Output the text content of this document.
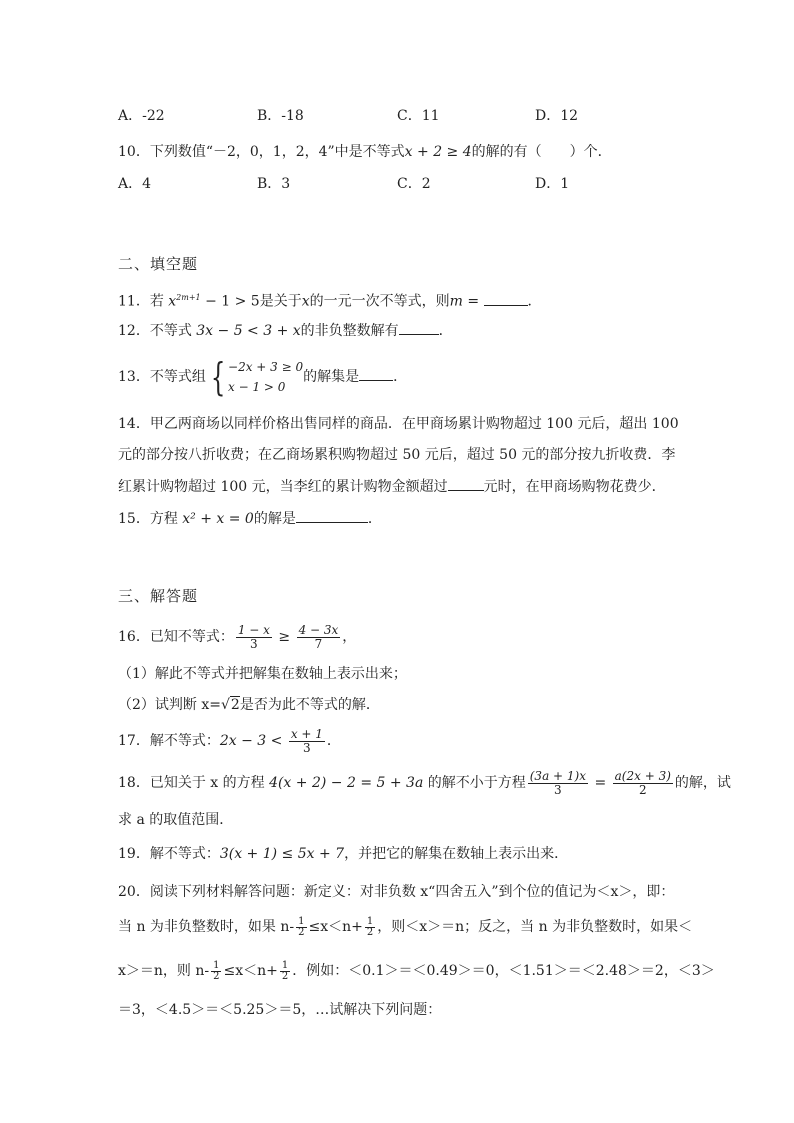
A．-22	B．-18	C．11	D．12
10．下列数值“－2，0，1，2，4”中是不等式x + 2 ≥ 4的解的有（　　）个．
A．4	B．3	C．2	D．1
二、填空题
11．若 $x^{2m+1} - 1 > 5$是关于x的一元一次不等式，则m =	．
12．不等式 3x − 5 < 3 + x的非负整数解有	．
13．不等式组 { −2x + 3 ≥ 0
x − 1 > 0
的解集是 ．
14．甲乙两商场以同样价格出售同样的商品．在甲商场累计购物超过 100 元后，超出 100
元的部分按八折收费；在乙商场累积购物超过 50 元后，超过 50 元的部分按九折收费．李
红累计购物超过 100 元，当李红的累计购物金额超过	元时，在甲商场购物花费少．
15．方程 x² + x = 0的解是	．
三、解答题
16．已知不等式： $\frac{1 - x}{3} \ge \frac{4 - 3x}{7}$ ，
（1）解此不等式并把解集在数轴上表示出来；
（2）试判断 x=√2是否为此不等式的解．
17．解不等式：$2x - 3 < \frac{x + 1}{3}$ ．
18．已知关于 x 的方程 4(x + 2) − 2 = 5 + 3a 的解不小于方程 $\frac{(3a + 1)x}{3} = \frac{a(2x + 3)}{2}$ 的解，试
求 a 的取值范围．
19．解不等式：3(x + 1) ≤ 5x + 7，并把它的解集在数轴上表示出来．
20．阅读下列材料解答问题：新定义：对非负数 x“四舍五入”到个位的值记为＜x＞，即：
当 n 为非负整数时，如果 $n- \frac{1}{2} \le x<n+ \frac{1}{2}$ ，则＜x＞＝n；反之，当 n 为非负整数时，如果＜
x＞＝n，则 $n- \frac{1}{2} \le x<n+ \frac{1}{2}$ ．例如：＜0.1＞＝＜0.49＞＝0，＜1.51＞＝＜2.48＞＝2，＜3＞
＝3，＜4.5＞＝＜5.25＞＝5，…试解决下列问题：
